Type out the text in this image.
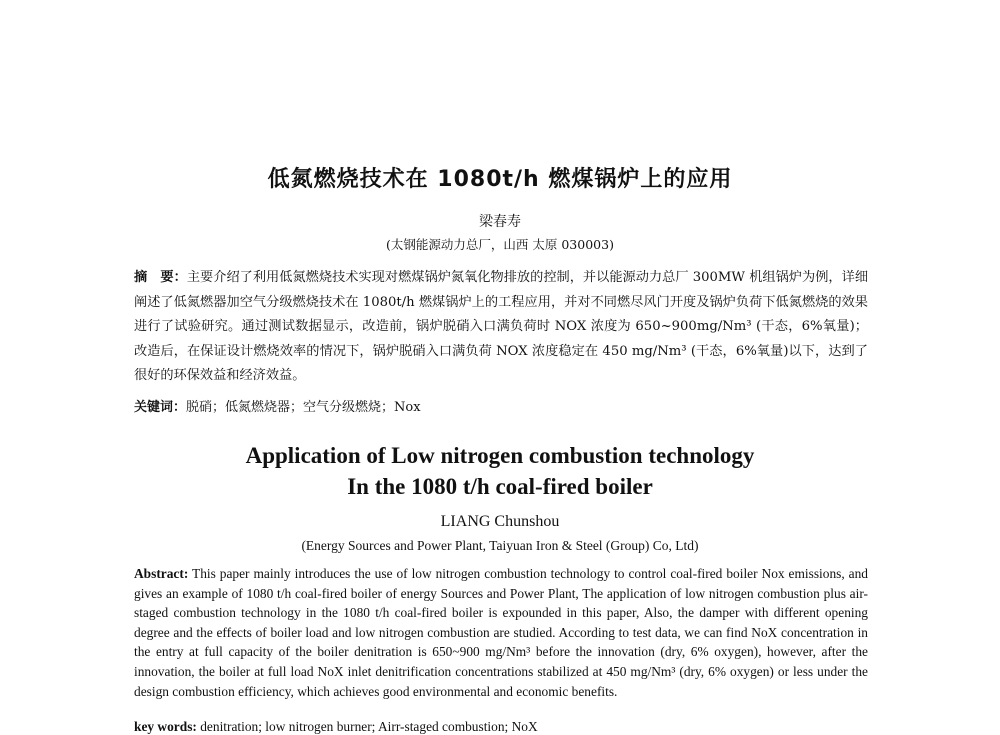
低氮燃烧技术在 1080t/h 燃煤锅炉上的应用
梁春寿
(太钢能源动力总厂，山西 太原 030003)
摘　要：主要介绍了利用低氮燃烧技术实现对燃煤锅炉氮氧化物排放的控制，并以能源动力总厂 300MW 机组锅炉为例，详细阐述了低氮燃器加空气分级燃烧技术在 1080t/h 燃煤锅炉上的工程应用，并对不同燃尽风门开度及锅炉负荷下低氮燃烧的效果进行了试验研究。通过测试数据显示，改造前，锅炉脱硝入口满负荷时 NOX 浓度为 650~900mg/Nm³ (干态，6%氧量)；改造后，在保证设计燃烧效率的情况下，锅炉脱硝入口满负荷 NOX 浓度稳定在 450 mg/Nm³ (干态，6%氧量)以下，达到了很好的环保效益和经济效益。
关键词：脱硝；低氮燃烧器；空气分级燃烧；Nox
Application of Low nitrogen combustion technology
In the 1080 t/h coal-fired boiler
LIANG Chunshou
(Energy Sources and Power Plant, Taiyuan Iron & Steel (Group) Co, Ltd)
Abstract: This paper mainly introduces the use of low nitrogen combustion technology to control coal-fired boiler Nox emissions, and gives an example of 1080 t/h coal-fired boiler of energy Sources and Power Plant, The application of low nitrogen combustion plus air-staged combustion technology in the 1080 t/h coal-fired boiler is expounded in this paper, Also, the damper with different opening degree and the effects of boiler load and low nitrogen combustion are studied. According to test data, we can find NoX concentration in the entry at full capacity of the boiler denitration is 650~900 mg/Nm³ before the innovation (dry, 6% oxygen), however, after the innovation, the boiler at full load NoX inlet denitrification concentrations stabilized at 450 mg/Nm³ (dry, 6% oxygen) or less under the design combustion efficiency, which achieves good environmental and economic benefits.
key words: denitration; low nitrogen burner; Airr-staged combustion; NoX
